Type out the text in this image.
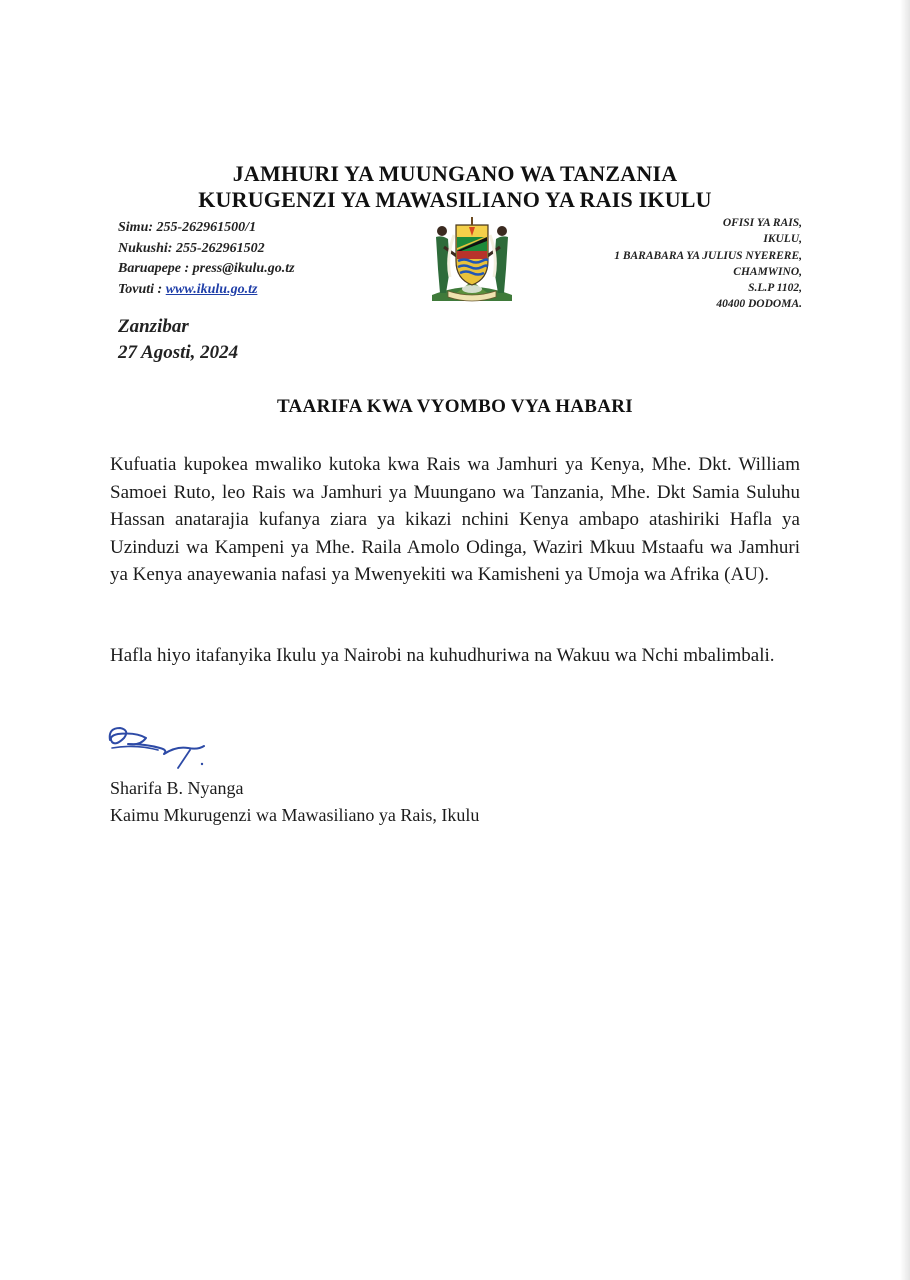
JAMHURI YA MUUNGANO WA TANZANIA
KURUGENZI YA MAWASILIANO YA RAIS IKULU
Simu: 255-262961500/1
Nukushi: 255-262961502
Baruapepe : press@ikulu.go.tz
Tovuti : www.ikulu.go.tz
OFISI YA RAIS,
IKULU,
1 BARABARA YA JULIUS NYERERE,
CHAMWINO,
S.L.P 1102,
40400 DODOMA.
Zanzibar
27 Agosti, 2024
TAARIFA KWA VYOMBO VYA HABARI
Kufuatia kupokea mwaliko kutoka kwa Rais wa Jamhuri ya Kenya, Mhe. Dkt. William Samoei Ruto, leo Rais wa Jamhuri ya Muungano wa Tanzania, Mhe. Dkt Samia Suluhu Hassan anatarajia kufanya ziara ya kikazi nchini Kenya ambapo atashiriki Hafla ya Uzinduzi wa Kampeni ya Mhe. Raila Amolo Odinga, Waziri Mkuu Mstaafu wa Jamhuri ya Kenya anayewania nafasi ya Mwenyekiti wa Kamisheni ya Umoja wa Afrika (AU).
Hafla hiyo itafanyika Ikulu ya Nairobi na kuhudhuriwa na Wakuu wa Nchi mbalimbali.
Sharifa B. Nyanga
Kaimu Mkurugenzi wa Mawasiliano ya Rais, Ikulu
